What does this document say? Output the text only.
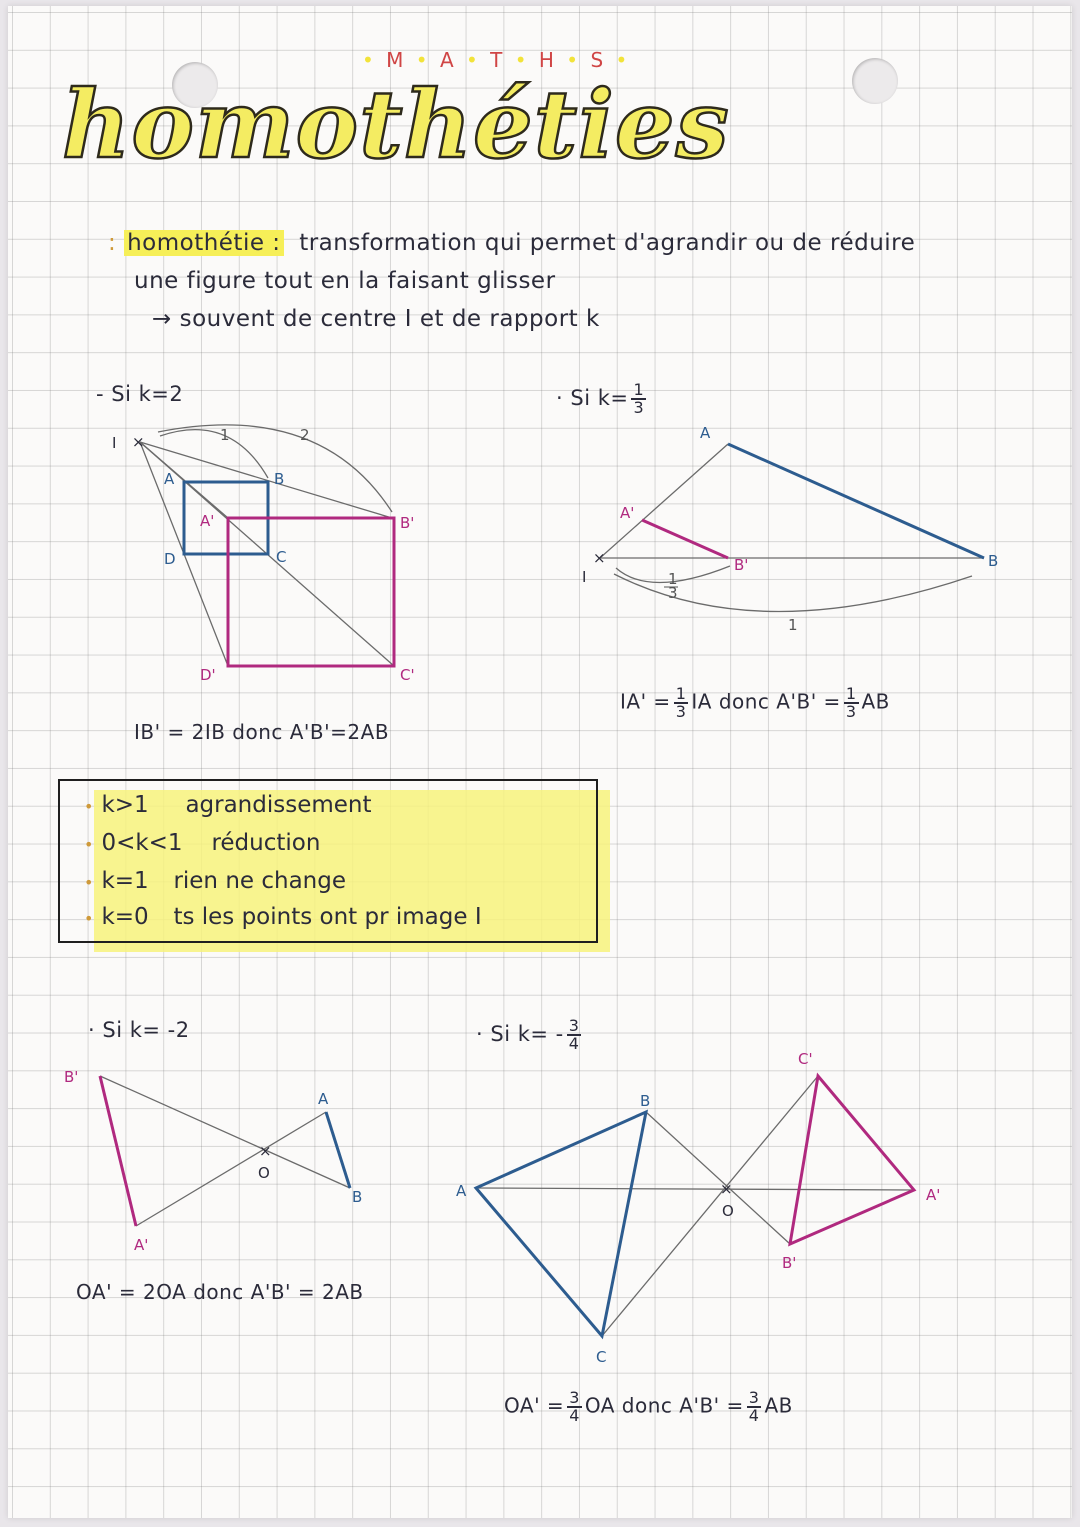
• M • A • T • H • S •
homothéties
: homothétie : transformation qui permet d'agrandir ou de réduire
une figure tout en la faisant glisser
→ souvent de centre I et de rapport k
- Si k=2
I ×
A	B
C
D
A'	B'
C'
D'
1	2	A
B
A'
B'
I
×
1
3
1
B'
A'
A
B
×
O
A
B
C
A'
B'
C'
×
O
· Si $k= \frac{1}{3}$
IB' = 2IB donc A'B'=2AB
$IA' = \frac{1}{3}$ IA donc $A'B' = \frac{1}{3}$ AB
• k>1 agrandissement
• 0<k<1 réduction
• k=1 rien ne change
• k=0 ts les points ont pr image I
· Si k= -2	· Si $k= - \frac{3}{4}$
OA' = 2OA donc A'B' = 2AB
$OA' = \frac{3}{4}$ OA donc $A'B' = \frac{3}{4}$ AB
